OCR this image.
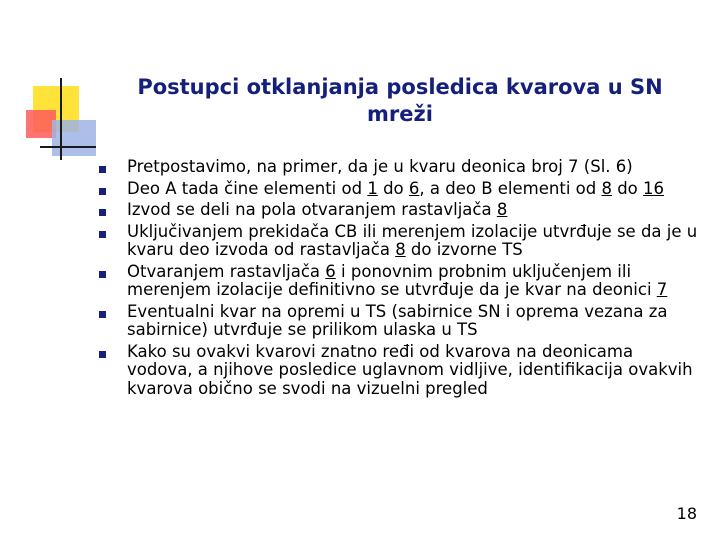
Postupci otklanjanja posledica kvarova u SN mreži
Pretpostavimo, na primer, da je u kvaru deonica broj 7 (Sl. 6)
Deo A tada čine elementi od 1 do 6, a deo B elementi od 8 do 16
Izvod se deli na pola otvaranjem rastavljača 8
Uključivanjem prekidača CB ili merenjem izolacije utvrđuje se da je u kvaru deo izvoda od rastavljača 8 do izvorne TS
Otvaranjem rastavljača 6 i ponovnim probnim uključenjem ili merenjem izolacije definitivno se utvrđuje da je kvar na deonici 7
Eventualni kvar na opremi u TS (sabirnice SN i oprema vezana za sabirnice) utvrđuje se prilikom ulaska u TS
Kako su ovakvi kvarovi znatno ređi od kvarova na deonicama vodova, a njihove posledice uglavnom vidljive, identifikacija ovakvih kvarova obično se svodi na vizuelni pregled
18
